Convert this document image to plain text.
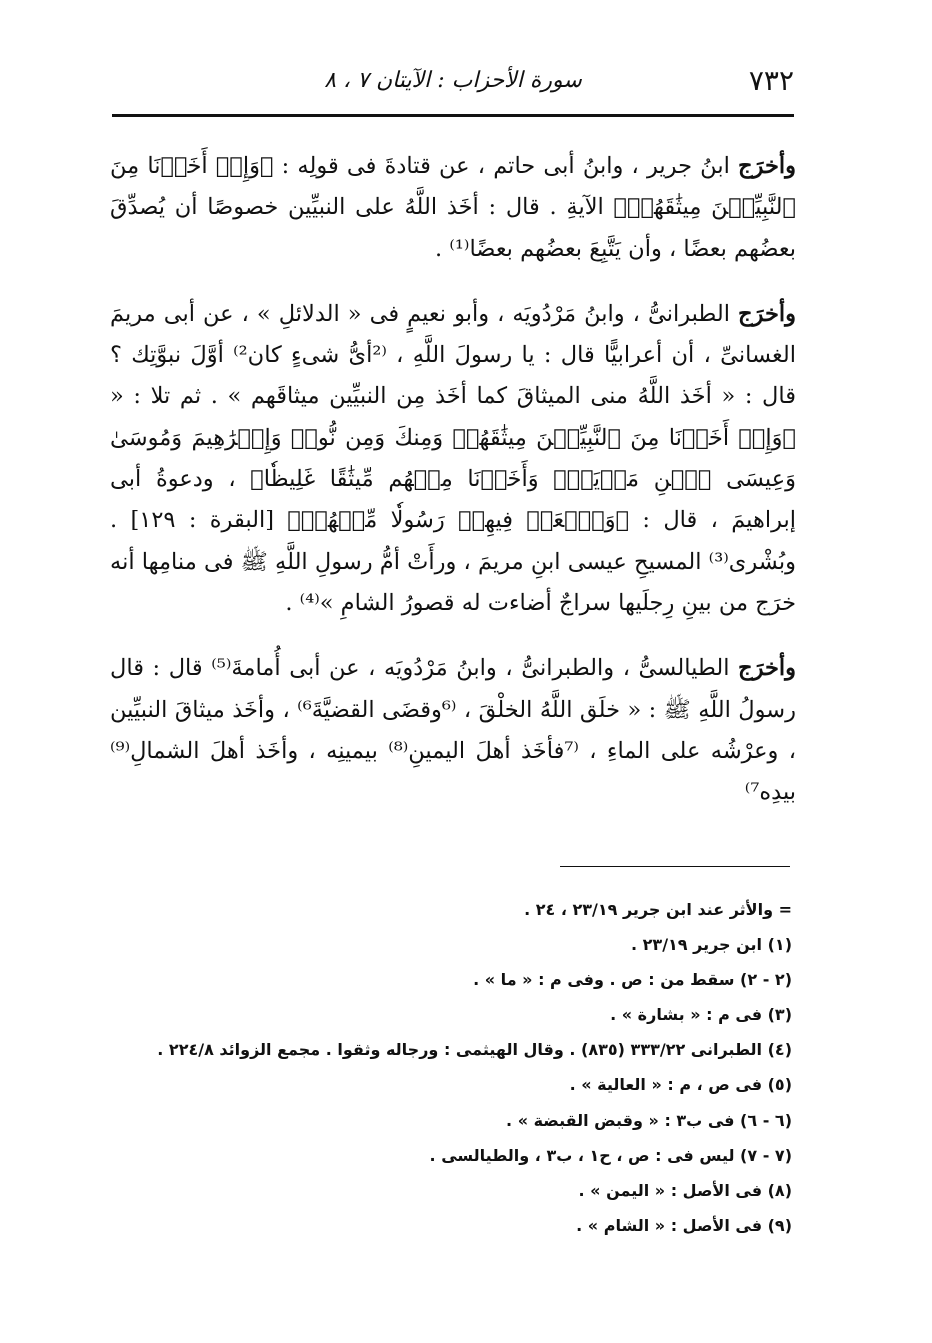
٧٣٢
سورة الأحزاب : الآيتان ٧ ، ٨

وأخرَج ابنُ جرير ، وابنُ أبى حاتم ، عن قتادةَ فى قولِه : ﴿وَإِذۡ أَخَذۡنَا مِنَ ٱلنَّبِيِّـۧنَ مِيثَٰقَهُمۡ﴾ الآيةِ . قال : أخَذ اللَّهُ على النبيِّين خصوصًا أن يُصدِّقَ بعضُهم بعضًا ، وأن يَتَّبِعَ بعضُهم بعضًا⁽¹⁾ .

وأخرَج الطبرانىُّ ، وابنُ مَرْدُويَه ، وأبو نعيمٍ فى « الدلائلِ » ، عن أبى مريمَ الغسانىِّ ، أن أعرابيًّا قال : يا رسولَ اللَّهِ ، ⁽²أىُّ شىءٍ كان²⁾ أوَّلَ نبوَّتِك ؟ قال : « أخَذ اللَّهُ منى الميثاقَ كما أخَذ مِن النبيِّين ميثاقَهم » . ثم تلا : « ﴿وَإِذۡ أَخَذۡنَا مِنَ ٱلنَّبِيِّـۧنَ مِيثَٰقَهُمۡ وَمِنكَ وَمِن نُّوحٖ وَإِبۡرَٰهِيمَ وَمُوسَىٰ وَعِيسَى ٱبۡنِ مَرۡيَمَۖ وَأَخَذۡنَا مِنۡهُم مِّيثَٰقًا غَلِيظٗا﴾ ، ودعوةُ أبى إبراهيمَ ، قال : ﴿وَٱبۡعَثۡ فِيهِمۡ رَسُولٗا مِّنۡهُمۡ﴾ [البقرة : ١٢٩] . وبُشْرى⁽³⁾ المسيحِ عيسى ابنِ مريمَ ، ورأَتْ أمُّ رسولِ اللَّهِ ﷺ فى منامِها أنه خرَج من بينِ رِجلَيها سراجٌ أضاءت له قصورُ الشامِ »⁽⁴⁾ .

وأخرَج الطيالسىُّ ، والطبرانىُّ ، وابنُ مَرْدُويَه ، عن أبى أُمامةَ⁽⁵⁾ قال : قال رسولُ اللَّهِ ﷺ : « خلَق اللَّهُ الخلْقَ ، ⁽⁶وقضَى القضيَّةَ⁶⁾ ، وأخَذ ميثاقَ النبيِّين ، وعرْشُه على الماءِ ، ⁽⁷فأخَذ أهلَ اليمينِ⁽⁸⁾ بيمينِه ، وأخَذ أهلَ الشمالِ⁽⁹⁾ بيدِه⁷⁾

= والأثر عند ابن جرير ٢٣/١٩ ، ٢٤ .

(١) ابن جرير ٢٣/١٩ .

(٢ - ٢) سقط من : ص . وفى م : « ما » .

(٣) فى م : « بشارة » .

(٤) الطبرانى ٣٣٣/٢٢ (٨٣٥) . وقال الهيثمى : ورجاله وثقوا . مجمع الزوائد ٢٢٤/٨ .

(٥) فى ص ، م : « العالية » .

(٦ - ٦) فى ب٣ : « وقبض القبضة » .

(٧ - ٧) ليس فى : ص ، ح١ ، ب٣ ، والطيالسى .

(٨) فى الأصل : « اليمن » .

(٩) فى الأصل : « الشام » .
